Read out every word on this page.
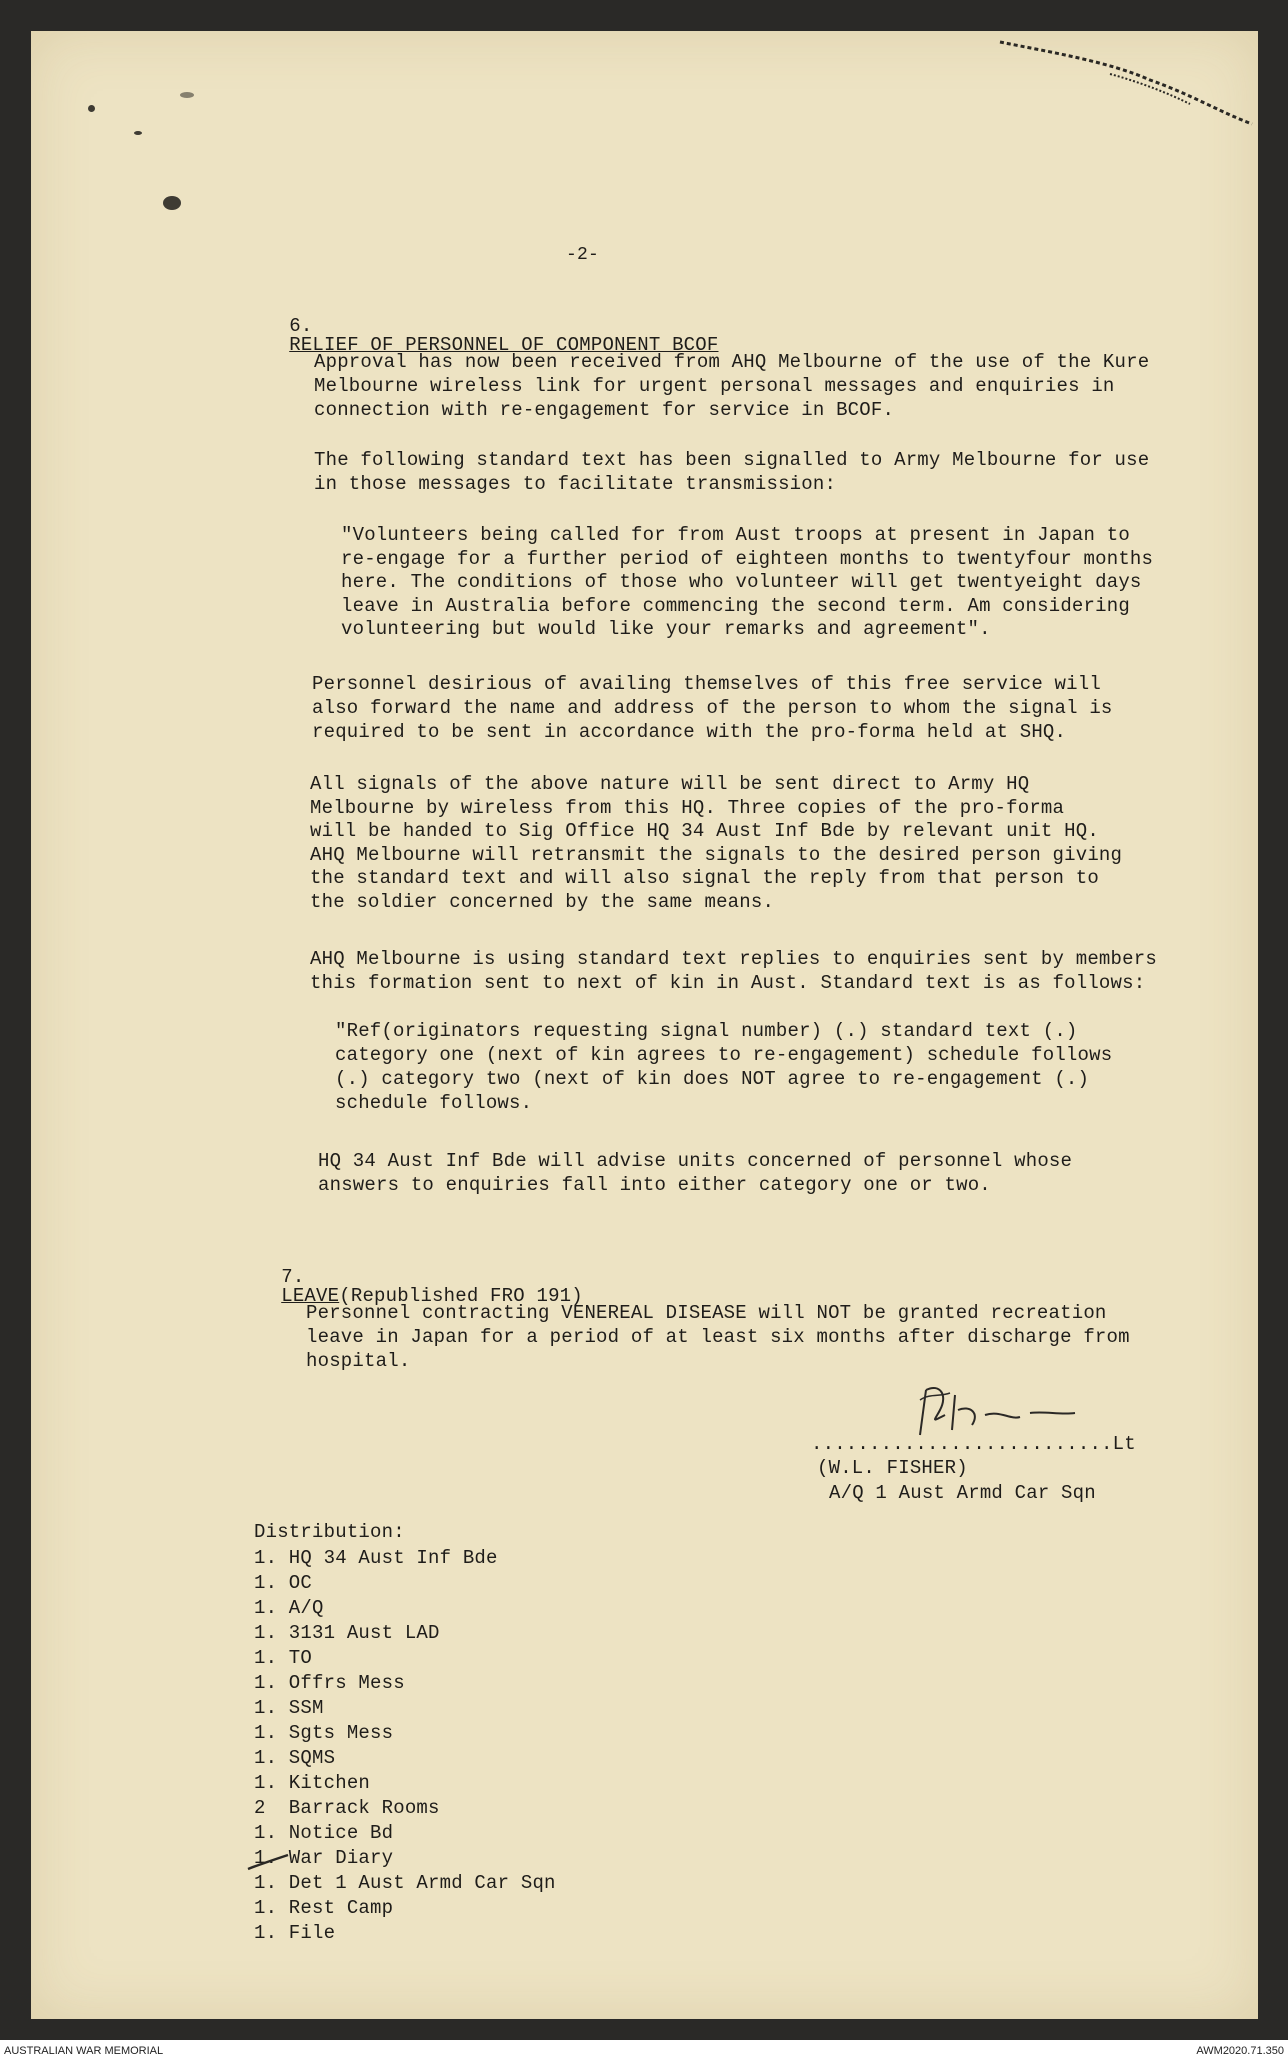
-2-

6.
RELIEF OF PERSONNEL OF COMPONENT BCOF

Approval has now been received from AHQ Melbourne of the use of the Kure
Melbourne wireless link for urgent personal messages and enquiries in
connection with re-engagement for service in BCOF.
The following standard text has been signalled to Army Melbourne for use
in those messages to facilitate transmission:
"Volunteers being called for from Aust troops at present in Japan to
re-engage for a further period of eighteen months to twentyfour months
here. The conditions of those who volunteer will get twentyeight days
leave in Australia before commencing the second term. Am considering
volunteering but would like your remarks and agreement".
Personnel desirious of availing themselves of this free service will
also forward the name and address of the person to whom the signal is
required to be sent in accordance with the pro-forma held at SHQ.
All signals of the above nature will be sent direct to Army HQ
Melbourne by wireless from this HQ. Three copies of the pro-forma
will be handed to Sig Office HQ 34 Aust Inf Bde by relevant unit HQ.
AHQ Melbourne will retransmit the signals to the desired person giving
the standard text and will also signal the reply from that person to
the soldier concerned by the same means.
AHQ Melbourne is using standard text replies to enquiries sent by members
this formation sent to next of kin in Aust. Standard text is as follows:
"Ref(originators requesting signal number) (.) standard text (.)
category one (next of kin agrees to re-engagement) schedule follows
(.) category two (next of kin does NOT agree to re-engagement (.)
schedule follows.
HQ 34 Aust Inf Bde will advise units concerned of personnel whose
answers to enquiries fall into either category one or two.

7.
LEAVE(Republished FRO 191)

Personnel contracting VENEREAL DISEASE will NOT be granted recreation
leave in Japan for a period of at least six months after discharge from
hospital.
..........................Lt
(W.L. FISHER)
A/Q 1 Aust Armd Car Sqn
Distribution:
1. HQ 34 Aust Inf Bde
1. OC
1. A/Q
1. 3131 Aust LAD
1. TO
1. Offrs Mess
1. SSM
1. Sgts Mess
1. SQMS
1. Kitchen
2  Barrack Rooms
1. Notice Bd
1. War Diary
1. Det 1 Aust Armd Car Sqn
1. Rest Camp
1. File
AUSTRALIAN WAR MEMORIAL	AWM2020.71.350
